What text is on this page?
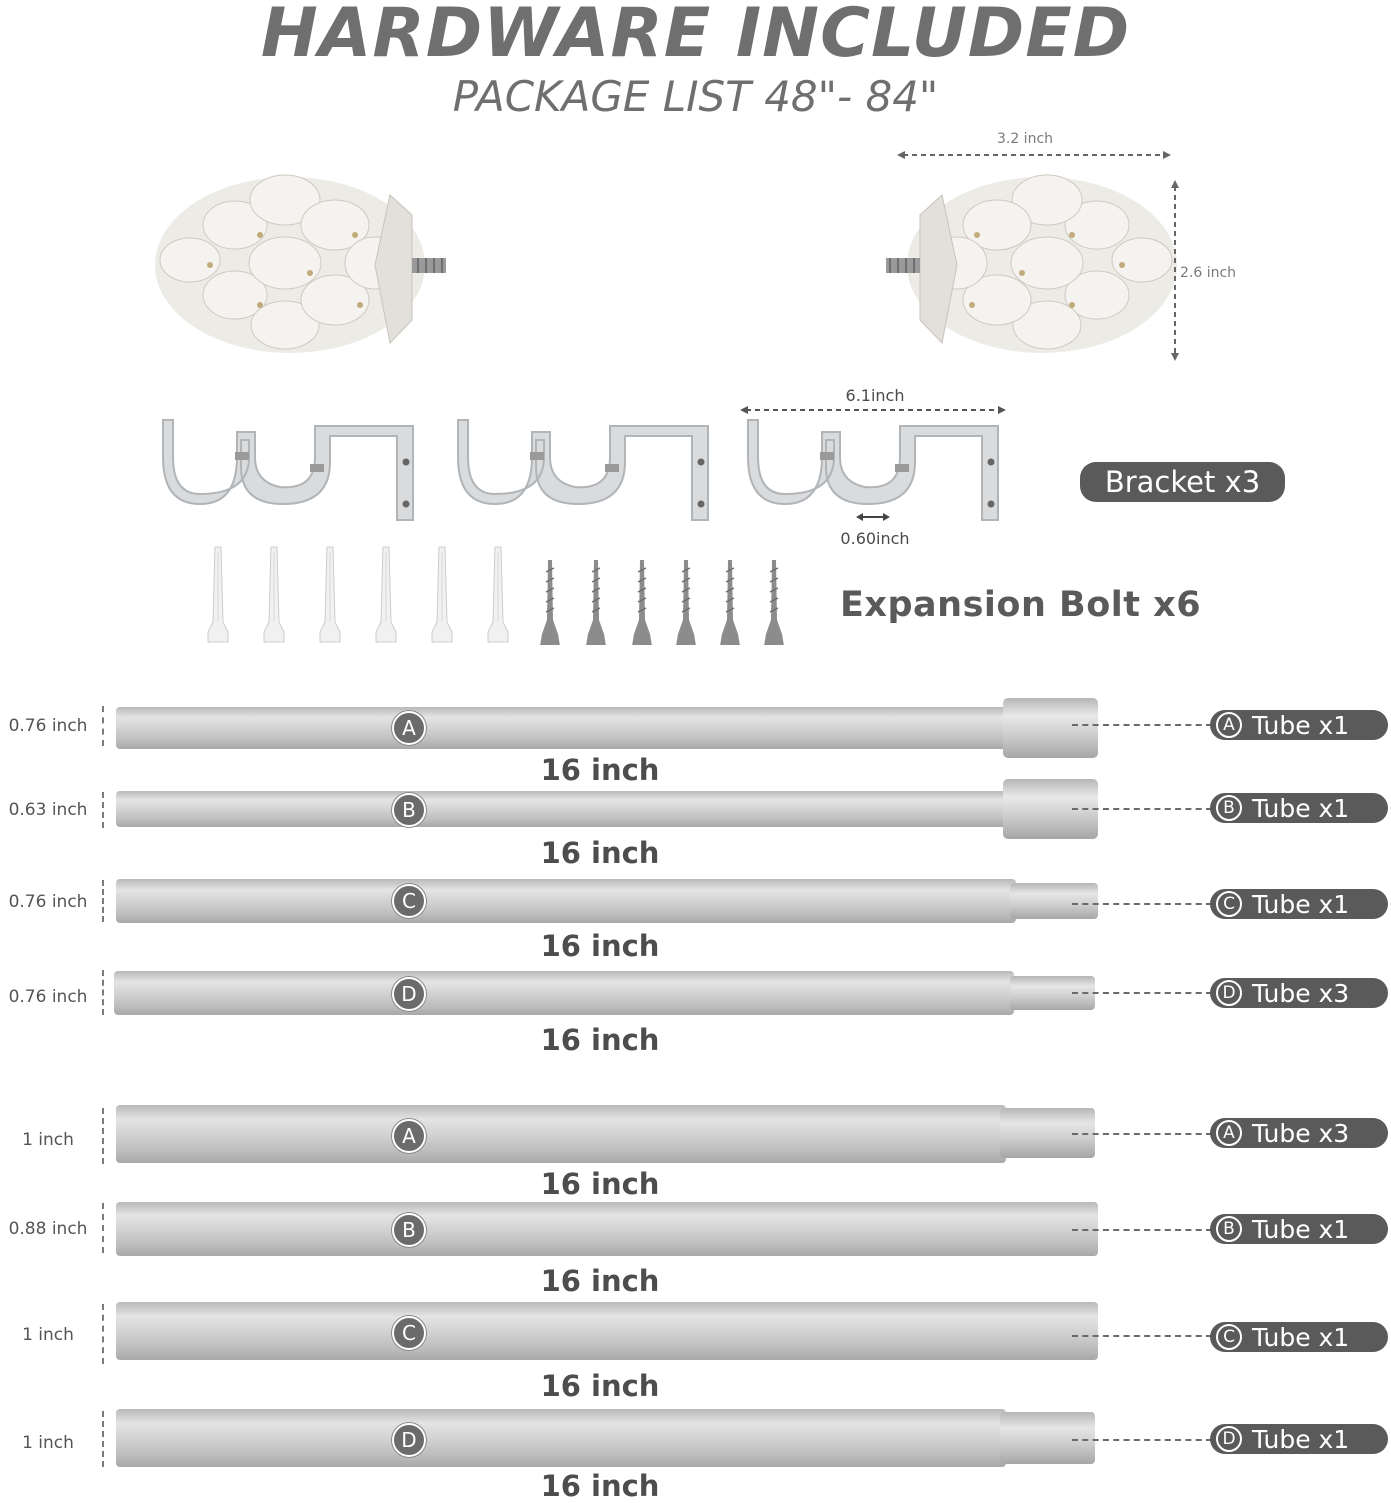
HARDWARE INCLUDED
PACKAGE LIST 48"- 84"
3.2 inch
2.6 inch
6.1inch
0.60inch
Bracket x3
Expansion Bolt x6
0.76 inch	A	A Tube x1
16 inch
0.63 inch	B	B Tube x1
16 inch
0.76 inch	C	C Tube x1
16 inch
0.76 inch	D	D Tube x3
16 inch
1 inch	A	A Tube x3
16 inch
0.88 inch	B	B Tube x1
16 inch
1 inch	C	C Tube x1
16 inch
1 inch	D	D Tube x1
16 inch
